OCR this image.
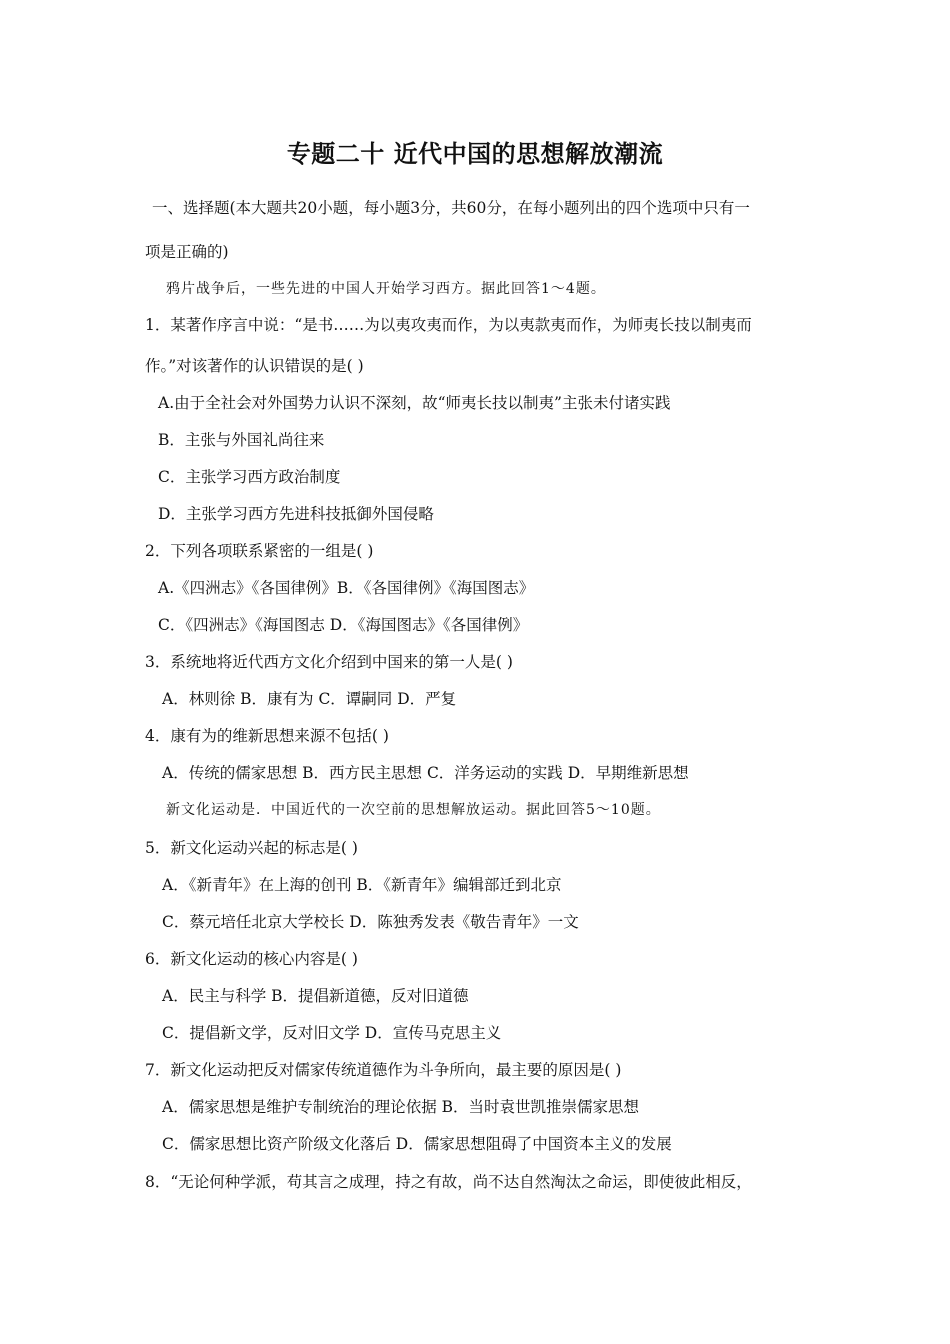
专题二十 近代中国的思想解放潮流
一、选择题(本大题共20小题，每小题3分，共60分，在每小题列出的四个选项中只有一
项是正确的)
鸦片战争后，一些先进的中国人开始学习西方。据此回答1～4题。
1．某著作序言中说：“是书……为以夷攻夷而作，为以夷款夷而作，为师夷长技以制夷而
作。”对该著作的认识错误的是( )
A.由于全社会对外国势力认识不深刻，故“师夷长技以制夷”主张未付诸实践
B．主张与外国礼尚往来
C．主张学习西方政治制度
D．主张学习西方先进科技抵御外国侵略
2．下列各项联系紧密的一组是( )
A.《四洲志》《各国律例》B．《各国律例》《海国图志》
C．《四洲志》《海国图志 D．《海国图志》《各国律例》
3．系统地将近代西方文化介绍到中国来的第一人是( )
A．林则徐 B．康有为 C．谭嗣同 D．严复
4．康有为的维新思想来源不包括( )
A．传统的儒家思想 B．西方民主思想 C．洋务运动的实践 D．早期维新思想
新文化运动是．中国近代的一次空前的思想解放运动。据此回答5～10题。
5．新文化运动兴起的标志是( )
A．《新青年》在上海的创刊 B．《新青年》编辑部迁到北京
C．蔡元培任北京大学校长 D．陈独秀发表《敬告青年》一文
6．新文化运动的核心内容是( )
A．民主与科学 B．提倡新道德，反对旧道德
C．提倡新文学，反对旧文学 D．宣传马克思主义
7．新文化运动把反对儒家传统道德作为斗争所向，最主要的原因是( )
A．儒家思想是维护专制统治的理论依据 B．当时袁世凯推崇儒家思想
C．儒家思想比资产阶级文化落后 D．儒家思想阻碍了中国资本主义的发展
8．“无论何种学派，苟其言之成理，持之有故，尚不达自然淘汰之命运，即使彼此相反，
